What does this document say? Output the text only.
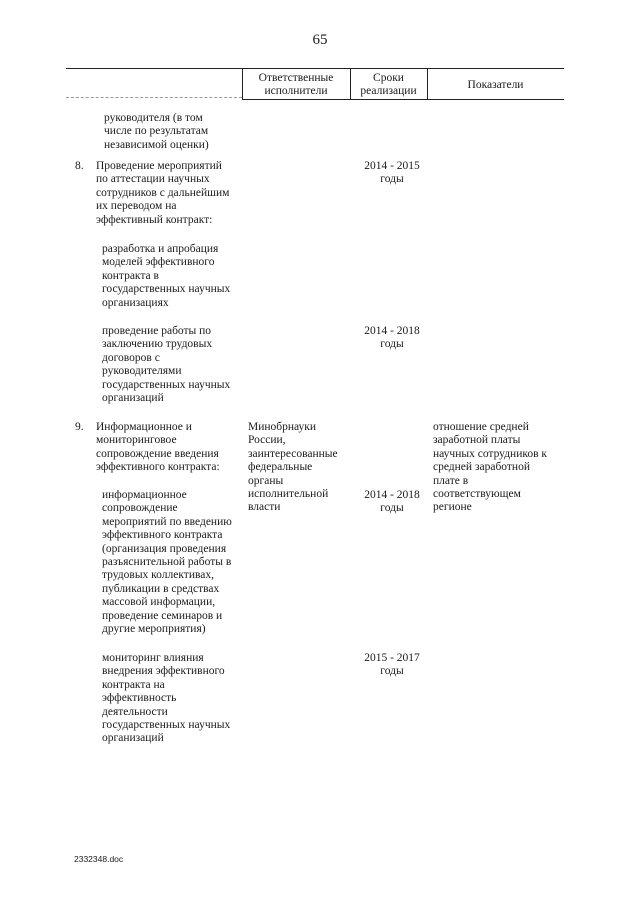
65
Ответственные
исполнители
Сроки
реализации
Показатели
руководителя (в том
числе по результатам
независимой оценки)
8. Проведение мероприятий
по аттестации научных
сотрудников с дальнейшим
их переводом на
эффективный контракт:
2014 - 2015
годы
разработка и апробация
моделей эффективного
контракта в
государственных научных
организациях
проведение работы по
заключению трудовых
договоров с
руководителями
государственных научных
организаций
2014 - 2018
годы
9. Информационное и
мониторинговое
сопровождение введения
эффективного контракта:
Минобрнауки
России,
заинтересованные
федеральные
органы
исполнительной
власти
отношение средней
заработной платы
научных сотрудников к
средней заработной
плате в
соответствующем
регионе
информационное
сопровождение
мероприятий по введению
эффективного контракта
(организация проведения
разъяснительной работы в
трудовых коллективах,
публикации в средствах
массовой информации,
проведение семинаров и
другие мероприятия)
2014 - 2018
годы
мониторинг влияния
внедрения эффективного
контракта на
эффективность
деятельности
государственных научных
организаций
2015 - 2017
годы
2332348.doc
